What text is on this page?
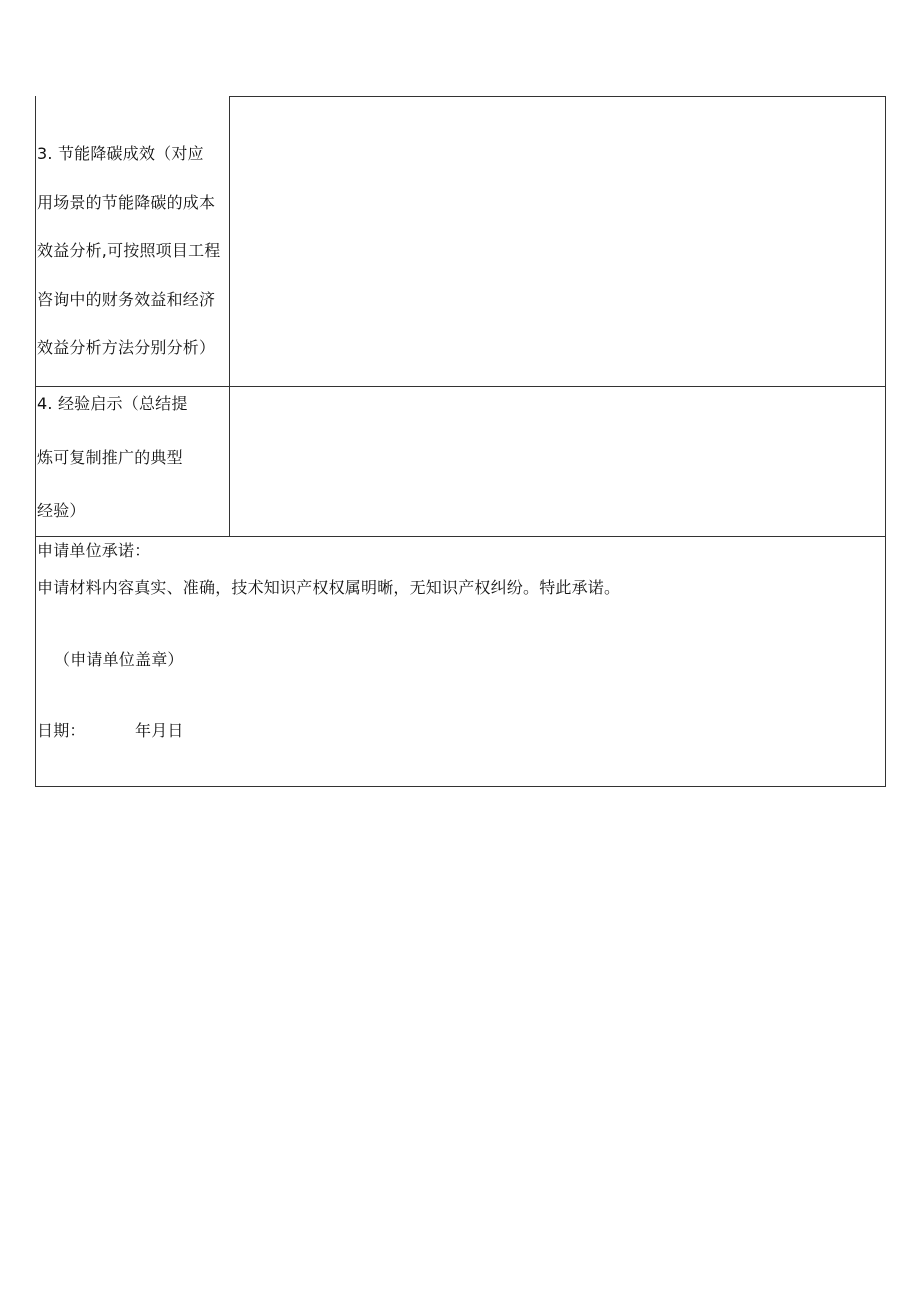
3. 节能降碳成效（对应
用场景的节能降碳的成本
效益分析,可按照项目工程
咨询中的财务效益和经济
效益分析方法分别分析）
4. 经验启示（总结提
炼可复制推广的典型
经验）
申请单位承诺：
申请材料内容真实、准确，技术知识产权权属明晰，无知识产权纠纷。特此承诺。
（申请单位盖章）
日期：	年月日
